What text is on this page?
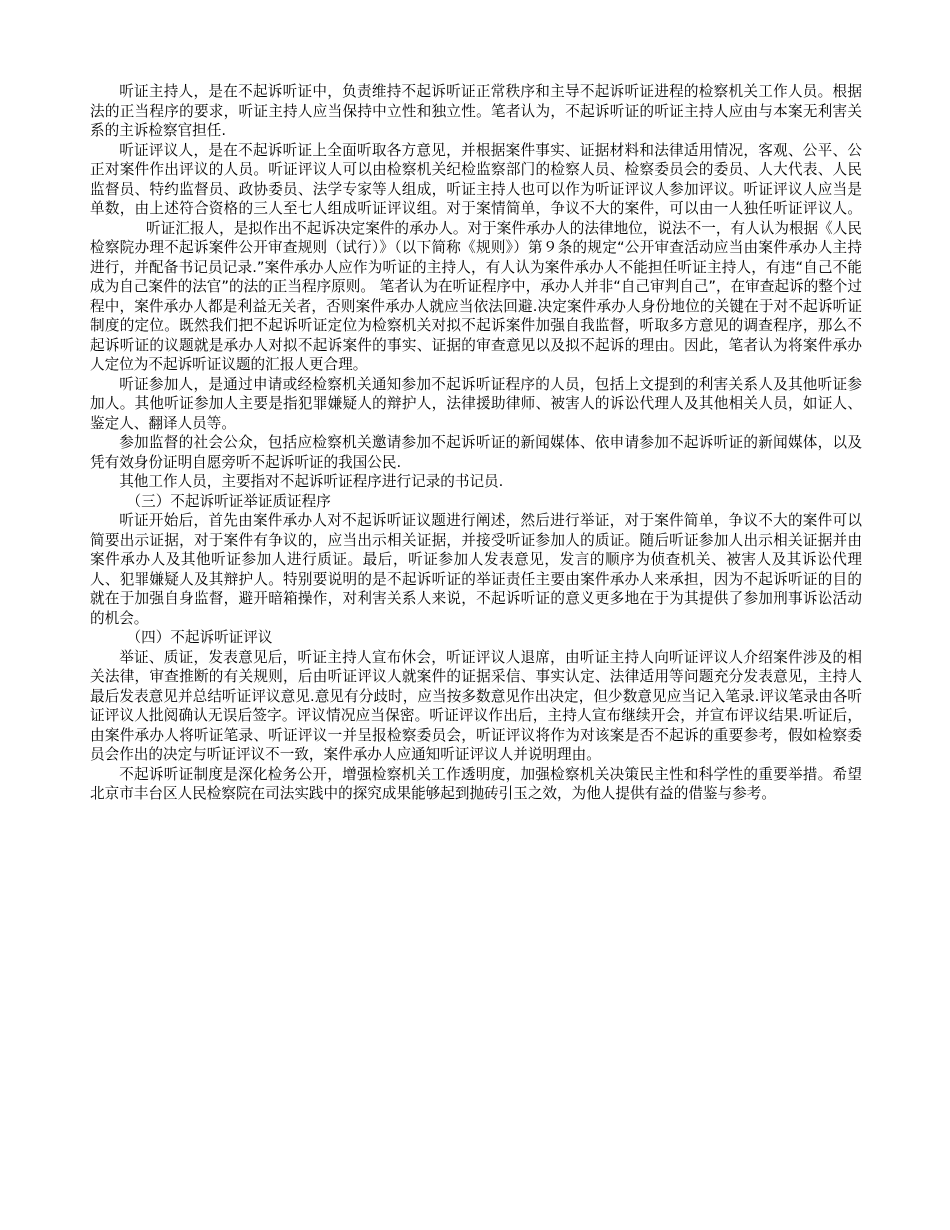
听证主持人，是在不起诉听证中，负责维持不起诉听证正常秩序和主导不起诉听证进程的检察机关工作人员。根据法的正当程序的要求，听证主持人应当保持中立性和独立性。笔者认为，不起诉听证的听证主持人应由与本案无利害关系的主诉检察官担任.

听证评议人，是在不起诉听证上全面听取各方意见，并根据案件事实、证据材料和法律适用情况，客观、公平、公正对案件作出评议的人员。听证评议人可以由检察机关纪检监察部门的检察人员、检察委员会的委员、人大代表、人民监督员、特约监督员、政协委员、法学专家等人组成，听证主持人也可以作为听证评议人参加评议。听证评议人应当是单数，由上述符合资格的三人至七人组成听证评议组。对于案情简单，争议不大的案件，可以由一人独任听证评议人。听证汇报人，是拟作出不起诉决定案件的承办人。对于案件承办人的法律地位，说法不一，有人认为根据《人民检察院办理不起诉案件公开审查规则（试行）》（以下简称《规则》）第９条的规定“公开审查活动应当由案件承办人主持进行，并配备书记员记录.”案件承办人应作为听证的主持人，有人认为案件承办人不能担任听证主持人，有违“自己不能成为自己案件的法官”的法的正当程序原则。 笔者认为在听证程序中，承办人并非“自己审判自己”，在审查起诉的整个过程中，案件承办人都是利益无关者，否则案件承办人就应当依法回避.决定案件承办人身份地位的关键在于对不起诉听证制度的定位。既然我们把不起诉听证定位为检察机关对拟不起诉案件加强自我监督，听取多方意见的调查程序，那么不起诉听证的议题就是承办人对拟不起诉案件的事实、证据的审查意见以及拟不起诉的理由。因此，笔者认为将案件承办人定位为不起诉听证议题的汇报人更合理。

听证参加人，是通过申请或经检察机关通知参加不起诉听证程序的人员，包括上文提到的利害关系人及其他听证参加人。其他听证参加人主要是指犯罪嫌疑人的辩护人，法律援助律师、被害人的诉讼代理人及其他相关人员，如证人、鉴定人、翻译人员等。

参加监督的社会公众，包括应检察机关邀请参加不起诉听证的新闻媒体、依申请参加不起诉听证的新闻媒体，以及凭有效身份证明自愿旁听不起诉听证的我国公民.

其他工作人员，主要指对不起诉听证程序进行记录的书记员.

（三）不起诉听证举证质证程序

听证开始后，首先由案件承办人对不起诉听证议题进行阐述，然后进行举证，对于案件简单，争议不大的案件可以简要出示证据，对于案件有争议的，应当出示相关证据，并接受听证参加人的质证。随后听证参加人出示相关证据并由案件承办人及其他听证参加人进行质证。最后，听证参加人发表意见，发言的顺序为侦查机关、被害人及其诉讼代理人、犯罪嫌疑人及其辩护人。特别要说明的是不起诉听证的举证责任主要由案件承办人来承担，因为不起诉听证的目的就在于加强自身监督，避开暗箱操作，对利害关系人来说，不起诉听证的意义更多地在于为其提供了参加刑事诉讼活动的机会。

（四）不起诉听证评议

举证、质证，发表意见后，听证主持人宣布休会，听证评议人退席，由听证主持人向听证评议人介绍案件涉及的相关法律，审查推断的有关规则，后由听证评议人就案件的证据采信、事实认定、法律适用等问题充分发表意见，主持人最后发表意见并总结听证评议意见.意见有分歧时，应当按多数意见作出决定，但少数意见应当记入笔录.评议笔录由各听证评议人批阅确认无误后签字。评议情况应当保密。听证评议作出后，主持人宣布继续开会，并宣布评议结果.听证后，由案件承办人将听证笔录、听证评议一并呈报检察委员会，听证评议将作为对该案是否不起诉的重要参考，假如检察委员会作出的决定与听证评议不一致，案件承办人应通知听证评议人并说明理由。

不起诉听证制度是深化检务公开，增强检察机关工作透明度，加强检察机关决策民主性和科学性的重要举措。希望北京市丰台区人民检察院在司法实践中的探究成果能够起到抛砖引玉之效，为他人提供有益的借鉴与参考。
